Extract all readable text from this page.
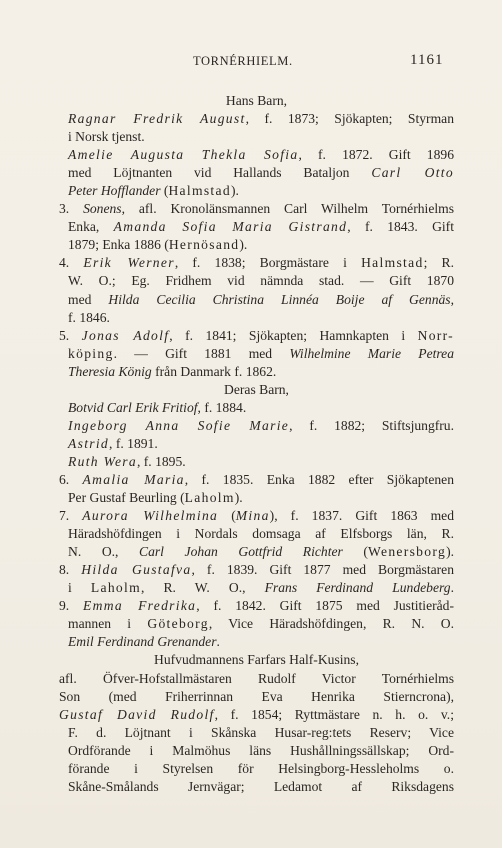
TORNÉRHIELM.	1161
Hans Barn,
Ragnar Fredrik August, f. 1873; Sjökapten; Styrman
i Norsk tjenst.
Amelie Augusta Thekla Sofia, f. 1872. Gift 1896
med Löjtnanten vid Hallands Bataljon Carl Otto
Peter Hofflander (Halmstad).
3. Sonens, afl. Kronolänsmannen Carl Wilhelm Tornérhielms
Enka, Amanda Sofia Maria Gistrand, f. 1843. Gift
1879; Enka 1886 (Hernösand).
4. Erik Werner, f. 1838; Borgmästare i Halmstad; R.
W. O.; Eg. Fridhem vid nämnda stad. — Gift 1870
med Hilda Cecilia Christina Linnéa Boije af Gennäs,
f. 1846.
5. Jonas Adolf, f. 1841; Sjökapten; Hamnkapten i Norr-
köping. — Gift 1881 med Wilhelmine Marie Petrea
Theresia König från Danmark f. 1862.
Deras Barn,
Botvid Carl Erik Fritiof, f. 1884.
Ingeborg Anna Sofie Marie, f. 1882; Stiftsjungfru.
Astrid, f. 1891.
Ruth Wera, f. 1895.
6. Amalia Maria, f. 1835. Enka 1882 efter Sjökaptenen
Per Gustaf Beurling (Laholm).
7. Aurora Wilhelmina (Mina), f. 1837. Gift 1863 med
Häradshöfdingen i Nordals domsaga af Elfsborgs län, R.
N. O., Carl Johan Gottfrid Richter (Wenersborg).
8. Hilda Gustafva, f. 1839. Gift 1877 med Borgmästaren
i Laholm, R. W. O., Frans Ferdinand Lundeberg.
9. Emma Fredrika, f. 1842. Gift 1875 med Justitieråd-
mannen i Göteborg, Vice Häradshöfdingen, R. N. O.
Emil Ferdinand Grenander.
Hufvudmannens Farfars Half-Kusins,
afl. Öfver-Hofstallmästaren Rudolf Victor Tornérhielms
Son (med Friherrinnan Eva Henrika Stierncrona),
Gustaf David Rudolf, f. 1854; Ryttmästare n. h. o. v.;
F. d. Löjtnant i Skånska Husar-reg:tets Reserv; Vice
Ordförande i Malmöhus läns Hushållningssällskap; Ord-
förande i Styrelsen för Helsingborg-Hessleholms o.
Skåne-Smålands Jernvägar; Ledamot af Riksdagens
